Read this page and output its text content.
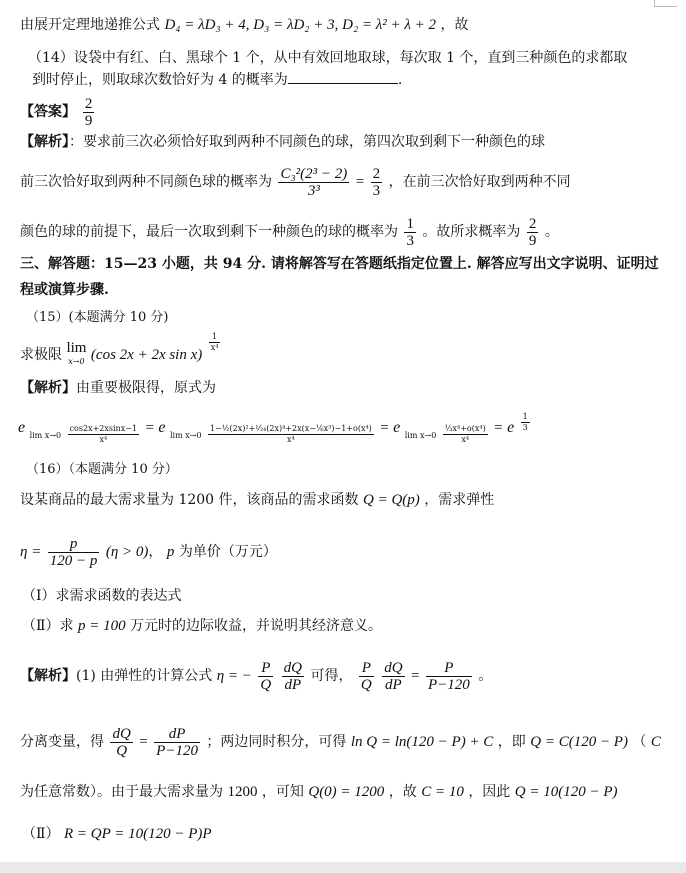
由展开定理地递推公式 D₄ = λD₃ + 4, D₃ = λD₂ + 3, D₂ = λ² + λ + 2 ，故
（14）设袋中有红、白、黑球个 1 个，从中有效回地取球，每次取 1 个，直到三种颜色的求都取
到时停止，则取球次数恰好为 4 的概率为	.
【答案】 $\frac{2}{9}$
【解析】：要求前三次必须恰好取到两种不同颜色的球，第四次取到剩下一种颜色的球
前三次恰好取到两种不同颜色球的概率为 $\frac{\text{C₃²(2³ − 2)}}{\text{3³}} = \frac{2}{3}$ ，在前三次恰好取到两种不同
颜色的球的前提下，最后一次取到剩下一种颜色的球的概率为 $\frac{1}{3}$ 。故所求概率为 $\frac{2}{9}$ 。
三、解答题：15—23 小题，共 94 分. 请将解答写在答题纸指定位置上. 解答应写出文字说明、证明过
程或演算步骤.
（15）(本题满分 10 分)
求极限 lim
x→0 (cos 2x + 2x sin x)
$\frac{1}{\text{x⁴}}$
【解析】由重要极限得，原式为
e $\lim x\to 0 \frac{\cos 2x+2xsinx-1}{\text{x⁴}} = e$ $\lim x\to 0 \frac{\text{1−½(2x)²+¹⁄₂₄(2x)⁴+2x(x−⅙x³)−1+o(x⁴)}}{\text{x⁴}} = e$ $\lim x\to 0 \frac{\text{⅓x⁴+o(x⁴)}}{\text{x⁴}} = e \frac{1}{3}$
（16）（本题满分 10 分）
设某商品的最大需求量为 1200 件，该商品的需求函数 Q = Q(p) ，需求弹性
$\eta = \frac{p}{120 - p} (\eta > 0)$， p 为单价（万元）
（Ⅰ）求需求函数的表达式
（Ⅱ）求 p = 100 万元时的边际收益，并说明其经济意义。
【解析】(1) 由弹性的计算公式 η = − $\frac{P}{Q}$
$\frac{dQ}{dP}$ 可得， $\frac{P}{Q}$
$\frac{dQ}{dP} = \frac{P}{P-120}$ 。
分离变量，得 $\frac{dQ}{Q} = \frac{dP}{P-120}$ ；两边同时积分，可得 ln Q = ln(120 − P) + C ，即 Q = C(120 − P) （ C
为任意常数）。由于最大需求量为 1200 ，可知 Q(0) = 1200 ，故 C = 10 ，因此 Q = 10(120 − P)
（Ⅱ） R = QP = 10(120 − P)P
